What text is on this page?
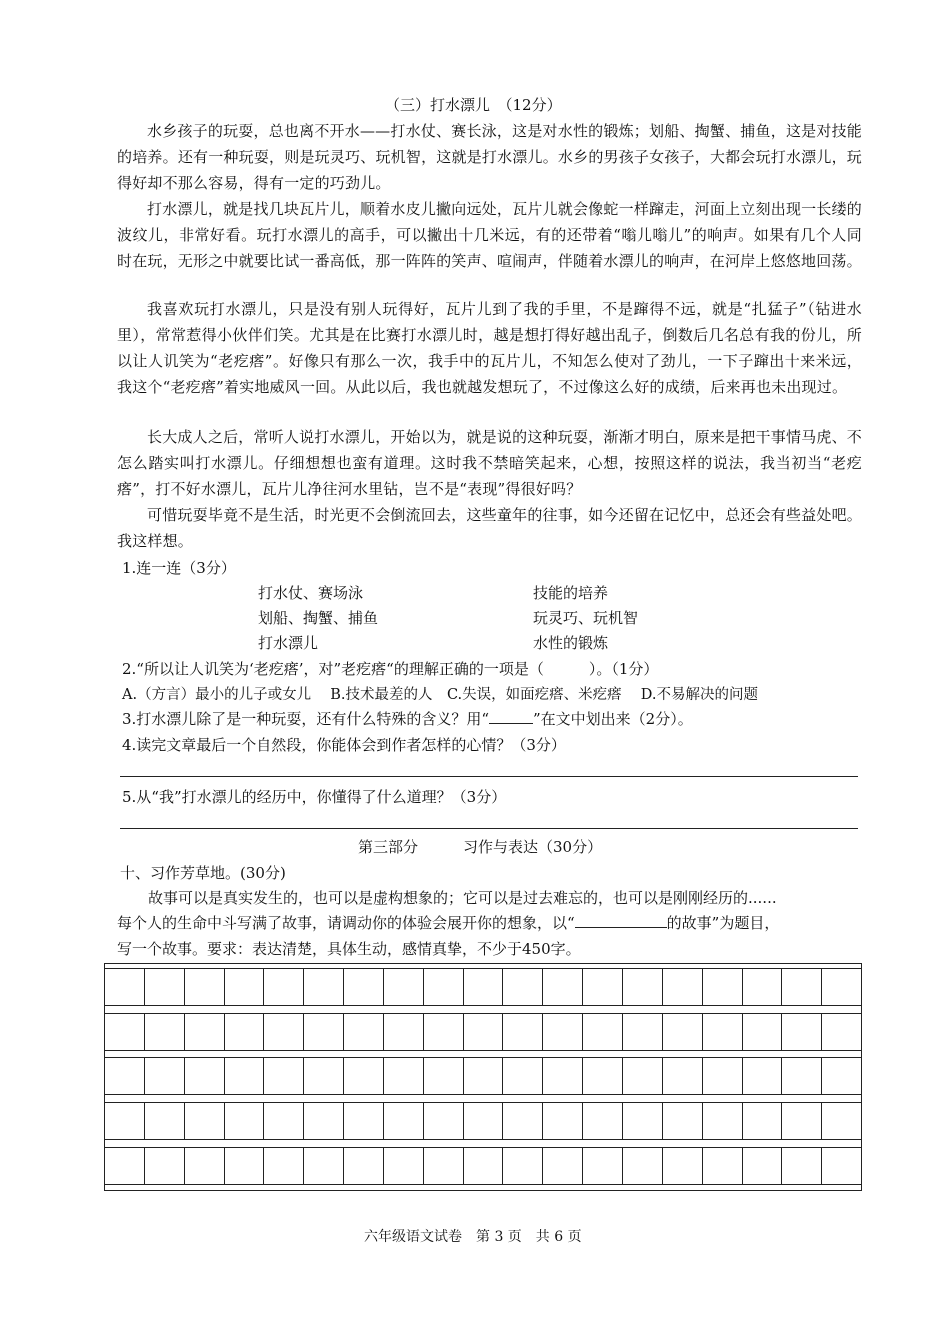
（三）打水漂儿　（12分）

水乡孩子的玩耍，总也离不开水——打水仗、赛长泳，这是对水性的锻炼；划船、掏蟹、捕鱼，这是对技能的培养。还有一种玩耍，则是玩灵巧、玩机智，这就是打水漂儿。水乡的男孩子女孩子，大都会玩打水漂儿，玩得好却不那么容易，得有一定的巧劲儿。

打水漂儿，就是找几块瓦片儿，顺着水皮儿撇向远处，瓦片儿就会像蛇一样蹿走，河面上立刻出现一长缕的波纹儿，非常好看。玩打水漂儿的高手，可以撇出十几米远，有的还带着“嗡儿嗡儿”的响声。如果有几个人同时在玩，无形之中就要比试一番高低，那一阵阵的笑声、喧闹声，伴随着水漂儿的响声，在河岸上悠悠地回荡。

我喜欢玩打水漂儿，只是没有别人玩得好，瓦片儿到了我的手里，不是蹿得不远，就是“扎猛子”（钻进水里），常常惹得小伙伴们笑。尤其是在比赛打水漂儿时，越是想打得好越出乱子，倒数后几名总有我的份儿，所以让人讥笑为“老疙瘩”。好像只有那么一次，我手中的瓦片儿，不知怎么使对了劲儿，一下子蹿出十来米远，我这个“老疙瘩”着实地威风一回。从此以后，我也就越发想玩了，不过像这么好的成绩，后来再也未出现过。

长大成人之后，常听人说打水漂儿，开始以为，就是说的这种玩耍，渐渐才明白，原来是把干事情马虎、不怎么踏实叫打水漂儿。仔细想想也蛮有道理。这时我不禁暗笑起来，心想，按照这样的说法，我当初当“老疙瘩”，打不好水漂儿，瓦片儿净往河水里钻，岂不是“表现”得很好吗？

可惜玩耍毕竟不是生活，时光更不会倒流回去，这些童年的往事，如今还留在记忆中，总还会有些益处吧。我这样想。

1.连一连（3分）
打水仗、赛场泳
划船、掏蟹、捕鱼
打水漂儿
技能的培养
玩灵巧、玩机智
水性的锻炼
2.“所以让人讥笑为‘老疙瘩’，对”老疙瘩“的理解正确的一项是（　　　）。（1分）
A.（方言）最小的儿子或女儿　 B.技术最差的人　C.失误，如面疙瘩、米疙瘩　 D.不易解决的问题
3.打水漂儿除了是一种玩耍，还有什么特殊的含义？用“	”在文中划出来（2分）。
4.读完文章最后一个自然段，你能体会到作者怎样的心情？（3分）
5.从“我”打水漂儿的经历中，你懂得了什么道理？（3分）
第三部分　　　习作与表达（30分）
十、习作芳草地。(30分)
故事可以是真实发生的，也可以是虚构想象的；它可以是过去难忘的，也可以是刚刚经历的......
每个人的生命中斗写满了故事，请调动你的体验会展开你的想象，以“	的故事”为题目，
写一个故事。要求：表达清楚，具体生动，感情真挚，不少于450字。
六年级语文试卷　第 3 页　共 6 页
